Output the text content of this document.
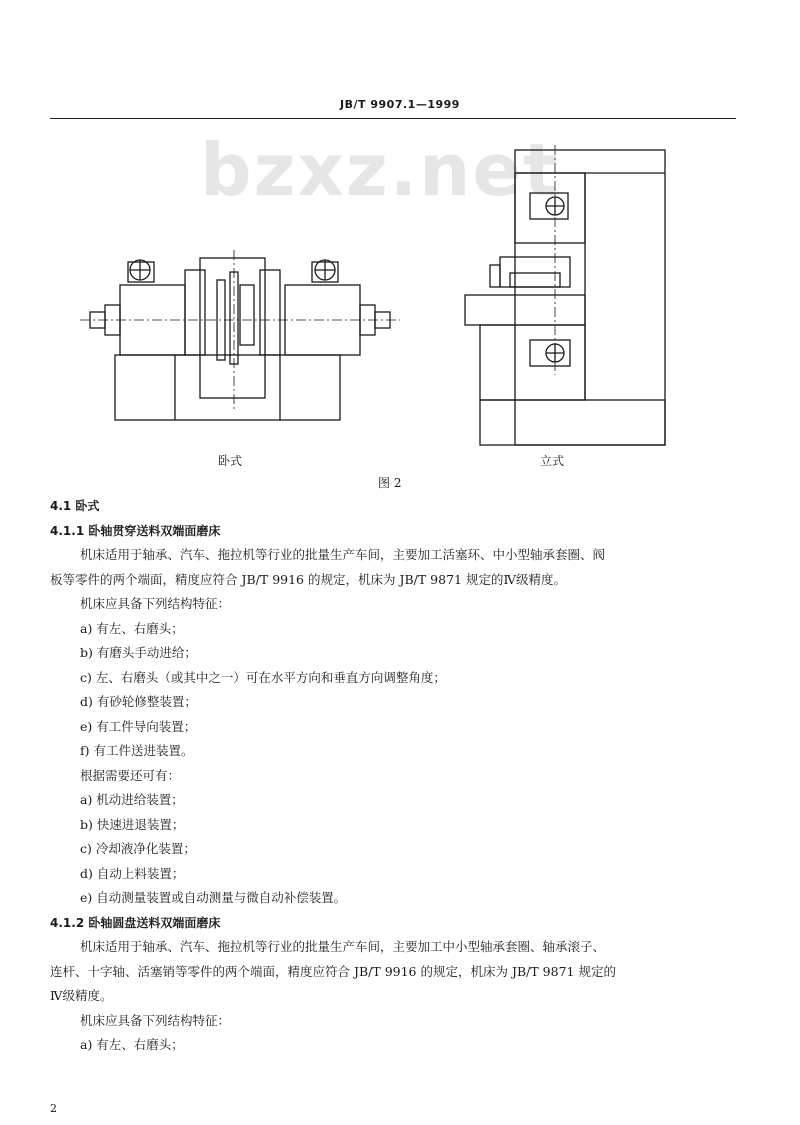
JB/T 9907.1—1999
bzxz.net
卧式	立式
图 2
4.1 卧式
4.1.1 卧轴贯穿送料双端面磨床
机床适用于轴承、汽车、拖拉机等行业的批量生产车间，主要加工活塞环、中小型轴承套圈、阀
板等零件的两个端面，精度应符合 JB/T 9916 的规定，机床为 JB/T 9871 规定的Ⅳ级精度。
机床应具备下列结构特征：
a) 有左、右磨头；
b) 有磨头手动进给；
c) 左、右磨头（或其中之一）可在水平方向和垂直方向调整角度；
d) 有砂轮修整装置；
e) 有工件导向装置；
f) 有工件送进装置。
根据需要还可有：
a) 机动进给装置；
b) 快速进退装置；
c) 冷却液净化装置；
d) 自动上料装置；
e) 自动测量装置或自动测量与微自动补偿装置。
4.1.2 卧轴圆盘送料双端面磨床
机床适用于轴承、汽车、拖拉机等行业的批量生产车间，主要加工中小型轴承套圈、轴承滚子、
连杆、十字轴、活塞销等零件的两个端面，精度应符合 JB/T 9916 的规定，机床为 JB/T 9871 规定的
Ⅳ级精度。
机床应具备下列结构特征：
a) 有左、右磨头；
2
